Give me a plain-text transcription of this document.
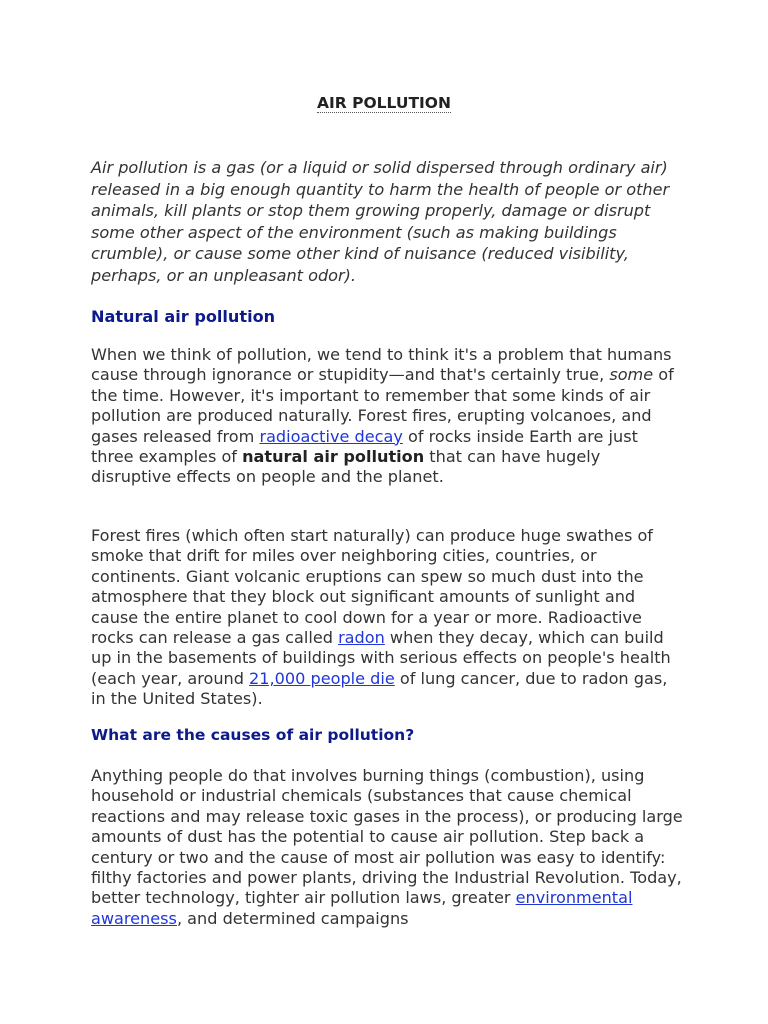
AIR POLLUTION

Air pollution is a gas (or a liquid or solid dispersed through ordinary air) released in a big enough quantity to harm the health of people or other animals, kill plants or stop them growing properly, damage or disrupt some other aspect of the environment (such as making buildings crumble), or cause some other kind of nuisance (reduced visibility, perhaps, or an unpleasant odor).

Natural air pollution

When we think of pollution, we tend to think it's a problem that humans cause through ignorance or stupidity—and that's certainly true, some of the time. However, it's important to remember that some kinds of air pollution are produced naturally. Forest fires, erupting volcanoes, and gases released from radioactive decay of rocks inside Earth are just three examples of natural air pollution that can have hugely disruptive effects on people and the planet.

Forest fires (which often start naturally) can produce huge swathes of smoke that drift for miles over neighboring cities, countries, or continents. Giant volcanic eruptions can spew so much dust into the atmosphere that they block out significant amounts of sunlight and cause the entire planet to cool down for a year or more. Radioactive rocks can release a gas called radon when they decay, which can build up in the basements of buildings with serious effects on people's health (each year, around 21,000 people die of lung cancer, due to radon gas, in the United States).

What are the causes of air pollution?

Anything people do that involves burning things (combustion), using household or industrial chemicals (substances that cause chemical reactions and may release toxic gases in the process), or producing large amounts of dust has the potential to cause air pollution. Step back a century or two and the cause of most air pollution was easy to identify: filthy factories and power plants, driving the Industrial Revolution. Today, better technology, tighter air pollution laws, greater environmental awareness, and determined campaigns
